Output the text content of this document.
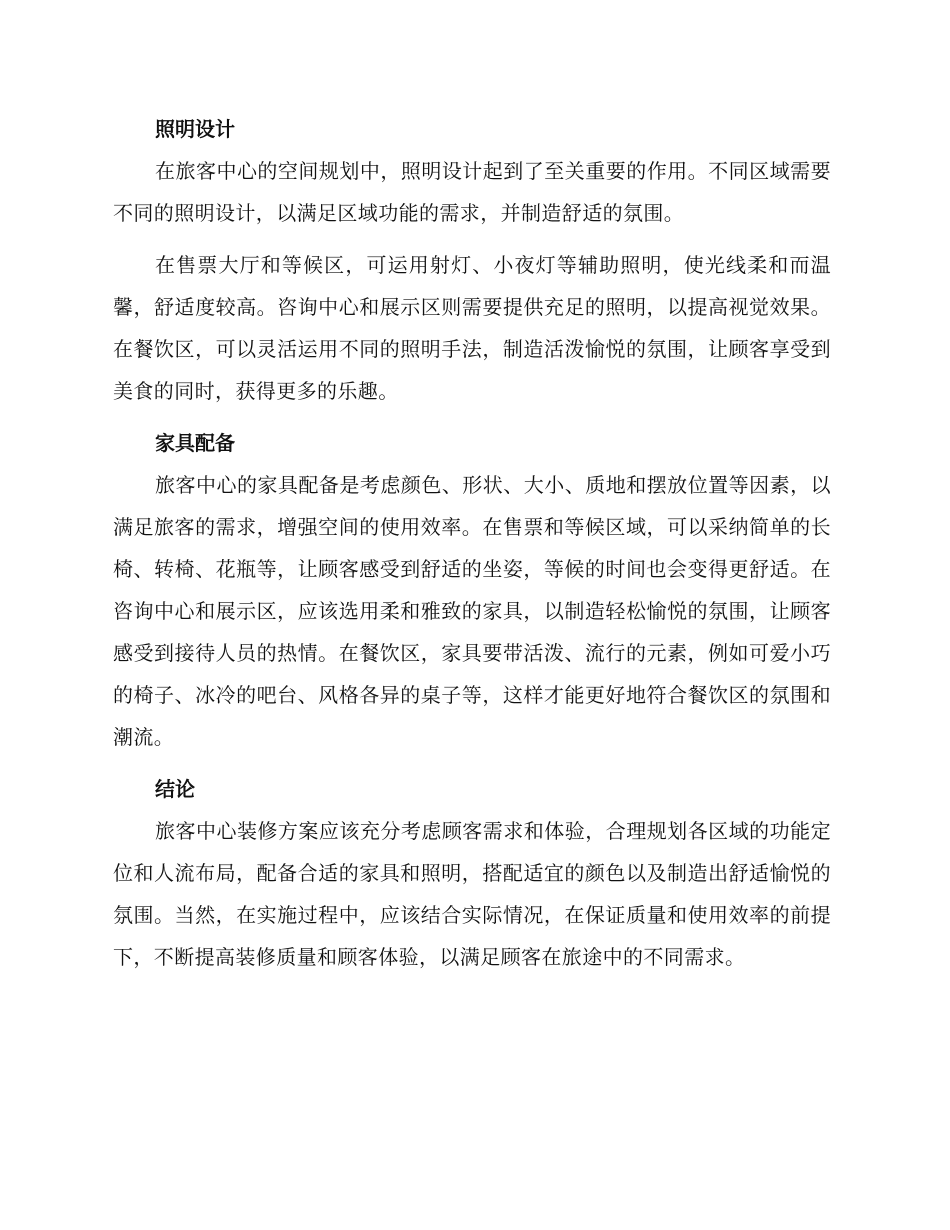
照明设计

在旅客中心的空间规划中，照明设计起到了至关重要的作用。不同区域需要不同的照明设计，以满足区域功能的需求，并制造舒适的氛围。

在售票大厅和等候区，可运用射灯、小夜灯等辅助照明，使光线柔和而温馨，舒适度较高。咨询中心和展示区则需要提供充足的照明，以提高视觉效果。在餐饮区，可以灵活运用不同的照明手法，制造活泼愉悦的氛围，让顾客享受到美食的同时，获得更多的乐趣。

家具配备

旅客中心的家具配备是考虑颜色、形状、大小、质地和摆放位置等因素，以满足旅客的需求，增强空间的使用效率。在售票和等候区域，可以采纳简单的长椅、转椅、花瓶等，让顾客感受到舒适的坐姿，等候的时间也会变得更舒适。在咨询中心和展示区，应该选用柔和雅致的家具，以制造轻松愉悦的氛围，让顾客感受到接待人员的热情。在餐饮区，家具要带活泼、流行的元素，例如可爱小巧的椅子、冰冷的吧台、风格各异的桌子等，这样才能更好地符合餐饮区的氛围和潮流。

结论

旅客中心装修方案应该充分考虑顾客需求和体验，合理规划各区域的功能定位和人流布局，配备合适的家具和照明，搭配适宜的颜色以及制造出舒适愉悦的氛围。当然，在实施过程中，应该结合实际情况，在保证质量和使用效率的前提下，不断提高装修质量和顾客体验，以满足顾客在旅途中的不同需求。
